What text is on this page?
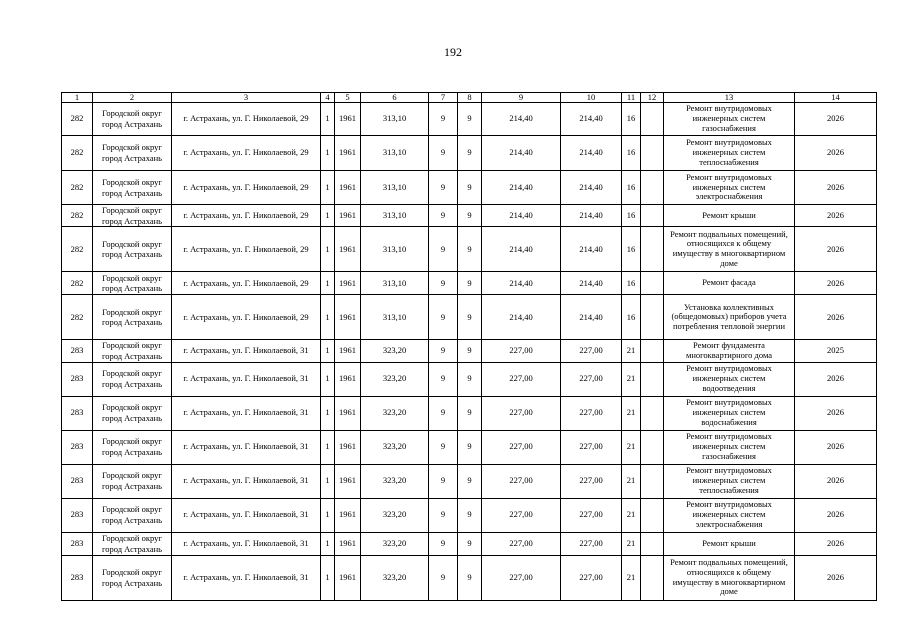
192
1	2	3	4	5	6	7	8	9	10	11	12	13	14
282	Городской округ город Астрахань	г. Астрахань, ул. Г. Николаевой, 29	1	1961	313,10	9	9	214,40	214,40	16		Ремонт внутридомовых инженерных систем газоснабжения	2026
282	Городской округ город Астрахань	г. Астрахань, ул. Г. Николаевой, 29	1	1961	313,10	9	9	214,40	214,40	16		Ремонт внутридомовых инженерных систем теплоснабжения	2026
282	Городской округ город Астрахань	г. Астрахань, ул. Г. Николаевой, 29	1	1961	313,10	9	9	214,40	214,40	16		Ремонт внутридомовых инженерных систем электроснабжения	2026
282	Городской округ город Астрахань	г. Астрахань, ул. Г. Николаевой, 29	1	1961	313,10	9	9	214,40	214,40	16		Ремонт крыши	2026
282	Городской округ город Астрахань	г. Астрахань, ул. Г. Николаевой, 29	1	1961	313,10	9	9	214,40	214,40	16		Ремонт подвальных помещений, относящихся к общему имуществу в многоквартирном доме	2026
282	Городской округ город Астрахань	г. Астрахань, ул. Г. Николаевой, 29	1	1961	313,10	9	9	214,40	214,40	16		Ремонт фасада	2026
282	Городской округ город Астрахань	г. Астрахань, ул. Г. Николаевой, 29	1	1961	313,10	9	9	214,40	214,40	16		Установка коллективных (общедомовых) приборов учета потребления тепловой энергии	2026
283	Городской округ город Астрахань	г. Астрахань, ул. Г. Николаевой, 31	1	1961	323,20	9	9	227,00	227,00	21		Ремонт фундамента многоквартирного дома	2025
283	Городской округ город Астрахань	г. Астрахань, ул. Г. Николаевой, 31	1	1961	323,20	9	9	227,00	227,00	21		Ремонт внутридомовых инженерных систем водоотведения	2026
283	Городской округ город Астрахань	г. Астрахань, ул. Г. Николаевой, 31	1	1961	323,20	9	9	227,00	227,00	21		Ремонт внутридомовых инженерных систем водоснабжения	2026
283	Городской округ город Астрахань	г. Астрахань, ул. Г. Николаевой, 31	1	1961	323,20	9	9	227,00	227,00	21		Ремонт внутридомовых инженерных систем газоснабжения	2026
283	Городской округ город Астрахань	г. Астрахань, ул. Г. Николаевой, 31	1	1961	323,20	9	9	227,00	227,00	21		Ремонт внутридомовых инженерных систем теплоснабжения	2026
283	Городской округ город Астрахань	г. Астрахань, ул. Г. Николаевой, 31	1	1961	323,20	9	9	227,00	227,00	21		Ремонт внутридомовых инженерных систем электроснабжения	2026
283	Городской округ город Астрахань	г. Астрахань, ул. Г. Николаевой, 31	1	1961	323,20	9	9	227,00	227,00	21		Ремонт крыши	2026
283	Городской округ город Астрахань	г. Астрахань, ул. Г. Николаевой, 31	1	1961	323,20	9	9	227,00	227,00	21		Ремонт подвальных помещений, относящихся к общему имуществу в многоквартирном доме	2026
